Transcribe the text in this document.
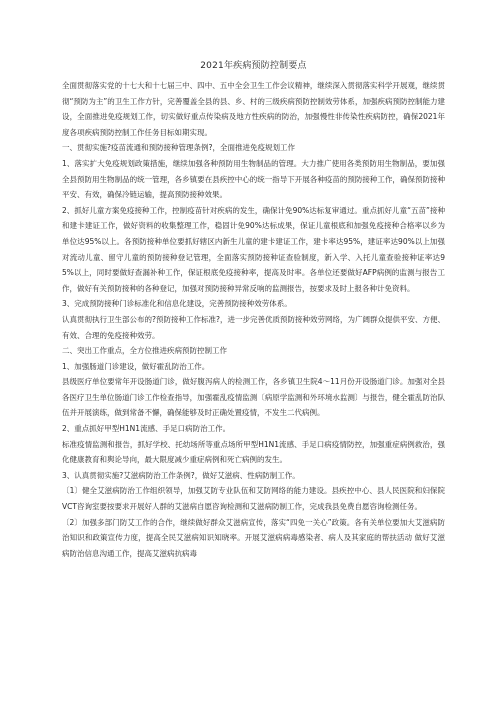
2021年疾病预防控制要点

全面贯彻落实党的十七大和十七届三中、四中、五中全会卫生工作会议精神，继续深入贯彻落实科学开展观，继续贯彻“预防为主”的卫生工作方针，完善覆盖全县的县、乡、村的三级疾病预防控制效劳体系，加强疾病预防控制能力建设，全面推进免疫规划工作，切实做好重点传染病及地方性疾病的防治，加强慢性非传染性疾病防控，确保2021年度各项疾病预防控制工作任务目标如期实现。

一、贯彻实施?疫苗流通和预防接种管理条例?，全面推进免疫规划工作

1、落实扩大免疫规划政策措施，继续加强各种预防用生物制品的管理。大力推广使用各类预防用生物制品，要加强全县预防用生物制品的统一管理，各乡镇要在县疾控中心的统一指导下开展各种疫苗的预防接种工作，确保预防接种平安、有效，确保冷链运输，提高预防接种效果。

2、抓好儿童方案免疫接种工作，控制疫苗针对疾病的发生，确保计免90%达标复审通过。重点抓好儿童“五苗”接种和建卡建证工作，做好资料的收集整理工作，稳固计免90%达标成果，保证儿童根底和加强免疫接种合格率以乡为单位达95%以上。各预防接种单位要抓好辖区内新生儿童的建卡建证工作，建卡率达95%，建证率达90%以上加强对流动儿童、留守儿童的预防接种登记管理，全面落实预防接种证查验制度，新入学、入托儿童查验接种证率达95%以上，同时要做好查漏补种工作，保证根底免疫接种率，提高及时率。各单位还要做好AFP病例的监测与报告工作，做好有关预防接种的各种登记，加强对预防接种异常反响的监测报告，按要求及时上报各种计免资料。

3、完成预防接种门诊标准化和信息化建设，完善预防接种效劳体系。

认真贯彻执行卫生部公布的?预防接种工作标准?，进一步完善优质预防接种效劳网络，为广阔群众提供平安、方便、有效、合理的免疫接种效劳。

二、突出工作重点，全方位推进疾病预防控制工作

1、加强肠道门诊建设，做好霍乱防治工作。

县级医疗单位要常年开设肠道门诊，做好腹泻病人的检测工作，各乡镇卫生院4～11月份开设肠道门诊。加强对全县各医疗卫生单位肠道门诊工作检查指导，加强霍乱疫情监测〔病原学监测和外环境水监测〕与报告，健全霍乱防治队伍并开展演练，做到常备不懈，确保能够及时正确处置疫情，不发生二代病例。

2、重点抓好甲型H1N1流感、手足口病防治工作。

标准疫情监测和报告，抓好学校、托幼场所等重点场所甲型H1N1流感、手足口病疫情防控，加强重症病例救治，强化健康教育和舆论导向，最大限度减少重症病例和死亡病例的发生。

3、认真贯彻实施?艾滋病防治工作条例?，做好艾滋病、性病防制工作。

〔1〕健全艾滋病防治工作组织领导，加强艾防专业队伍和艾防网络的能力建设。县疾控中心、县人民医院和妇保院VCT咨询室要按要求开展好人群的艾滋病自愿咨询检测和艾滋病防制工作，完成我县免费自愿咨询检测任务。

〔2〕加强多部门防艾工作的合作，继续做好群众艾滋病宣传，落实“四免一关心”政策。各有关单位要加大艾滋病防治知识和政策宣传力度，提高全民艾滋病知识知晓率。开展艾滋病病毒感染者、病人及其家庭的帮扶活动 做好艾滋病防治信息沟通工作，提高艾滋病抗病毒
